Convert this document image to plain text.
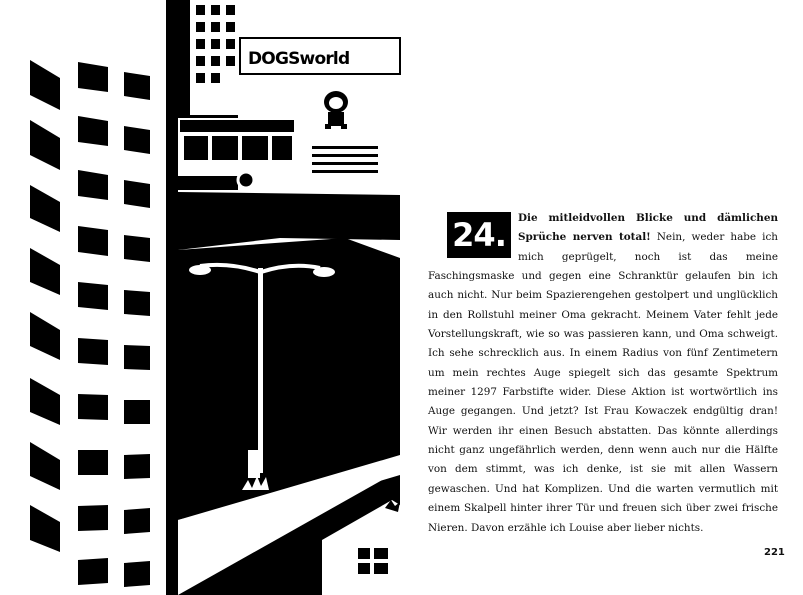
DOGSworld
24.	Die mitleidvollen Blicke und dämlichen Sprüche nerven total! Nein, weder habe ich mich geprügelt, noch ist das meine Faschingsmaske und gegen eine Schranktür gelaufen bin ich auch nicht. Nur beim Spazierengehen gestolpert und unglücklich in den Rollstuhl meiner Oma gekracht. Meinem Vater fehlt jede Vorstellungskraft, wie so was passieren kann, und Oma schweigt. Ich sehe schrecklich aus. In einem Radius von fünf Zentimetern um mein rechtes Auge spiegelt sich das gesamte Spektrum meiner 1297 Farbstifte wider. Diese Aktion ist wortwörtlich ins Auge gegangen. Und jetzt? Ist Frau Kowaczek endgültig dran! Wir werden ihr einen Besuch abstatten. Das könnte allerdings nicht ganz ungefährlich werden, denn wenn auch nur die Hälfte von dem stimmt, was ich denke, ist sie mit allen Wassern gewaschen. Und hat Komplizen. Und die warten vermutlich mit einem Skalpell hinter ihrer Tür und freuen sich über zwei frische Nieren. Davon erzähle ich Louise aber lieber nichts.

221
